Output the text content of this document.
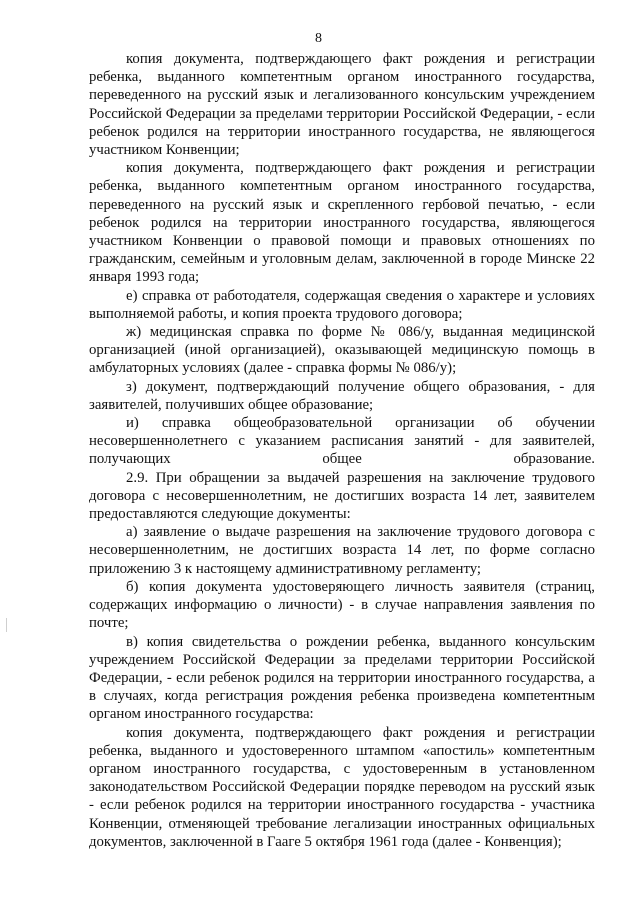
8

копия документа, подтверждающего факт рождения и регистрации ребенка, выданного компетентным органом иностранного государства, переведенного на русский язык и легализованного консульским учреждением Российской Федерации за пределами территории Российской Федерации, - если ребенок родился на территории иностранного государства, не являющегося участником Конвенции;

копия документа, подтверждающего факт рождения и регистрации ребенка, выданного компетентным органом иностранного государства, переведенного на русский язык и скрепленного гербовой печатью, - если ребенок родился на территории иностранного государства, являющегося участником Конвенции о правовой помощи и правовых отношениях по гражданским, семейным и уголовным делам, заключенной в городе Минске 22 января 1993 года;

е) справка от работодателя, содержащая сведения о характере и условиях выполняемой работы, и копия проекта трудового договора;

ж) медицинская справка по форме № 086/у, выданная медицинской организацией (иной организацией), оказывающей медицинскую помощь в амбулаторных условиях (далее - справка формы № 086/у);

з) документ, подтверждающий получение общего образования, - для заявителей, получивших общее образование;

и) справка общеобразовательной организации об обучении несовершеннолетнего с указанием расписания занятий - для заявителей, получающих общее образование.

2.9. При обращении за выдачей разрешения на заключение трудового договора с несовершеннолетним, не достигших возраста 14 лет, заявителем предоставляются следующие документы:

а) заявление о выдаче разрешения на заключение трудового договора с несовершеннолетним, не достигших возраста 14 лет, по форме согласно приложению 3 к настоящему административному регламенту;

б) копия документа удостоверяющего личность заявителя (страниц, содержащих информацию о личности) - в случае направления заявления по почте;

в) копия свидетельства о рождении ребенка, выданного консульским учреждением Российской Федерации за пределами территории Российской Федерации, - если ребенок родился на территории иностранного государства, а в случаях, когда регистрация рождения ребенка произведена компетентным органом иностранного государства:

копия документа, подтверждающего факт рождения и регистрации ребенка, выданного и удостоверенного штампом «апостиль» компетентным органом иностранного государства, с удостоверенным в установленном законодательством Российской Федерации порядке переводом на русский язык - если ребенок родился на территории иностранного государства - участника Конвенции, отменяющей требование легализации иностранных официальных документов, заключенной в Гааге 5 октября 1961 года (далее - Конвенция);
